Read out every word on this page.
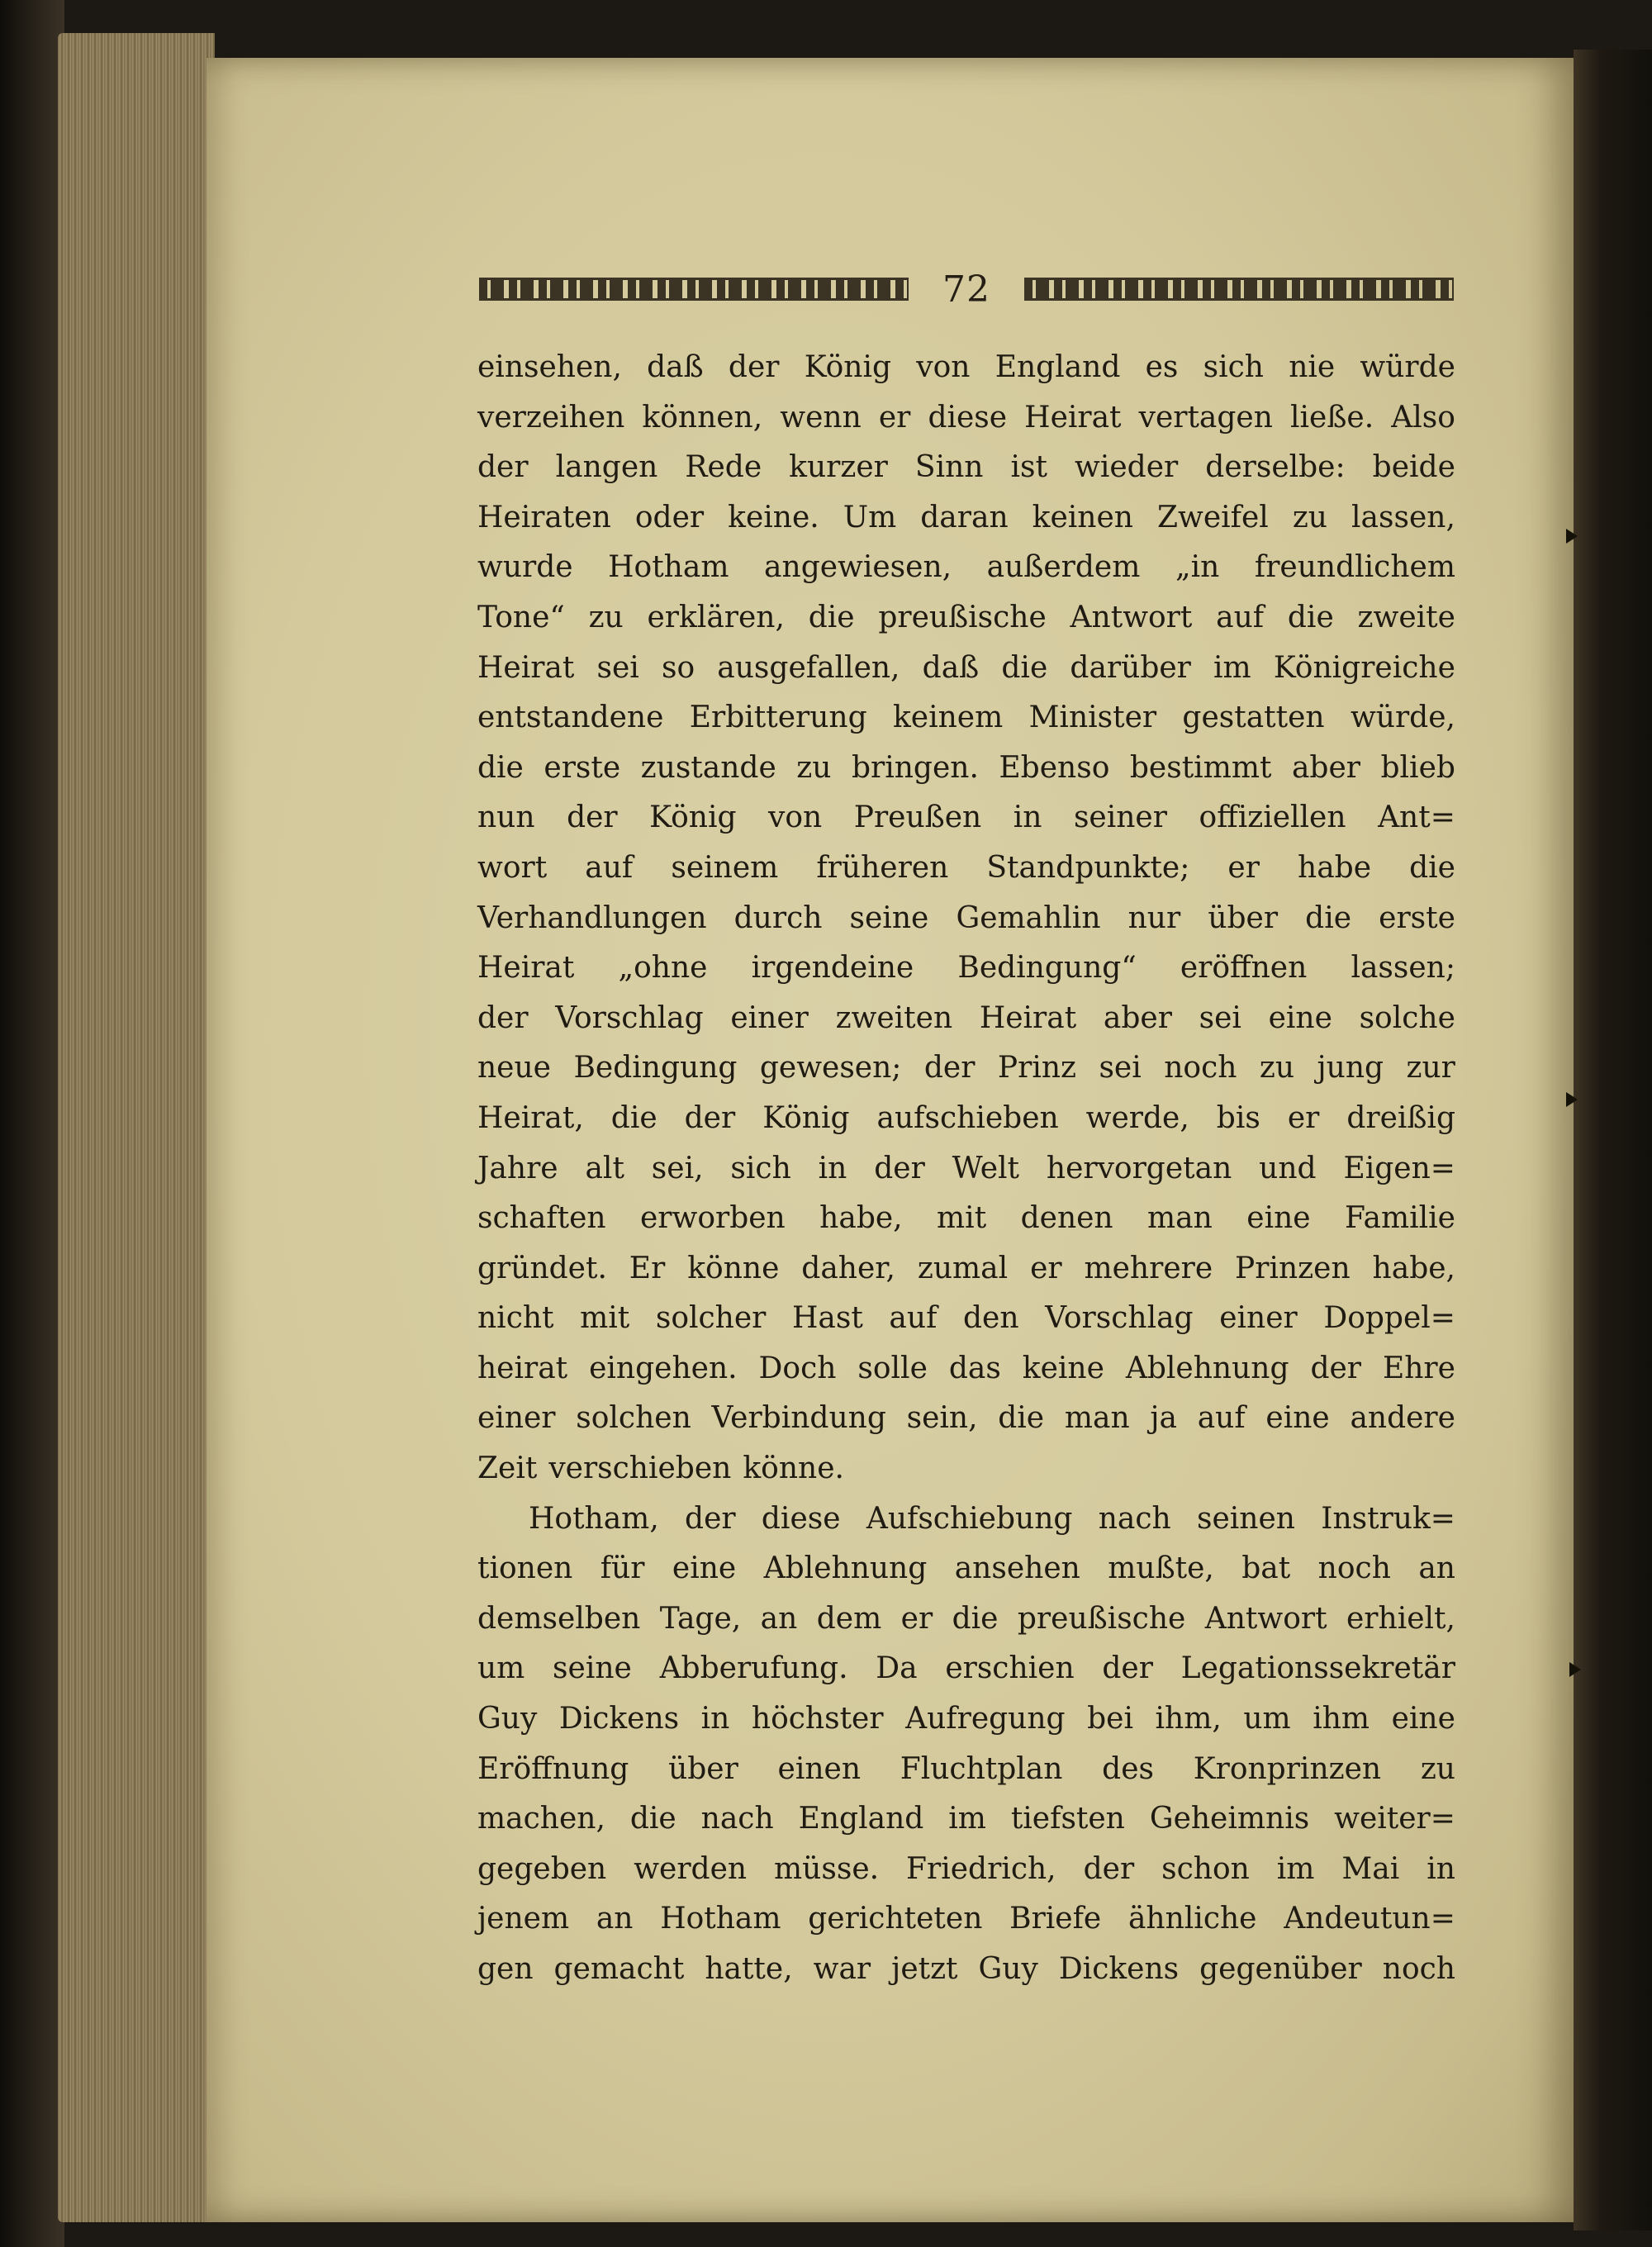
72
einsehen, daß der König von England es sich nie würde
verzeihen können, wenn er diese Heirat vertagen ließe. Also
der langen Rede kurzer Sinn ist wieder derselbe: beide
Heiraten oder keine. Um daran keinen Zweifel zu lassen,
wurde Hotham angewiesen, außerdem „in freundlichem
Tone“ zu erklären, die preußische Antwort auf die zweite
Heirat sei so ausgefallen, daß die darüber im Königreiche
entstandene Erbitterung keinem Minister gestatten würde,
die erste zustande zu bringen. Ebenso bestimmt aber blieb
nun der König von Preußen in seiner offiziellen Ant=
wort auf seinem früheren Standpunkte; er habe die
Verhandlungen durch seine Gemahlin nur über die erste
Heirat „ohne irgendeine Bedingung“ eröffnen lassen;
der Vorschlag einer zweiten Heirat aber sei eine solche
neue Bedingung gewesen; der Prinz sei noch zu jung zur
Heirat, die der König aufschieben werde, bis er dreißig
Jahre alt sei, sich in der Welt hervorgetan und Eigen=
schaften erworben habe, mit denen man eine Familie
gründet. Er könne daher, zumal er mehrere Prinzen habe,
nicht mit solcher Hast auf den Vorschlag einer Doppel=
heirat eingehen. Doch solle das keine Ablehnung der Ehre
einer solchen Verbindung sein, die man ja auf eine andere
Zeit verschieben könne.
Hotham, der diese Aufschiebung nach seinen Instruk=
tionen für eine Ablehnung ansehen mußte, bat noch an
demselben Tage, an dem er die preußische Antwort erhielt,
um seine Abberufung. Da erschien der Legationssekretär
Guy Dickens in höchster Aufregung bei ihm, um ihm eine
Eröffnung über einen Fluchtplan des Kronprinzen zu
machen, die nach England im tiefsten Geheimnis weiter=
gegeben werden müsse. Friedrich, der schon im Mai in
jenem an Hotham gerichteten Briefe ähnliche Andeutun=
gen gemacht hatte, war jetzt Guy Dickens gegenüber noch
